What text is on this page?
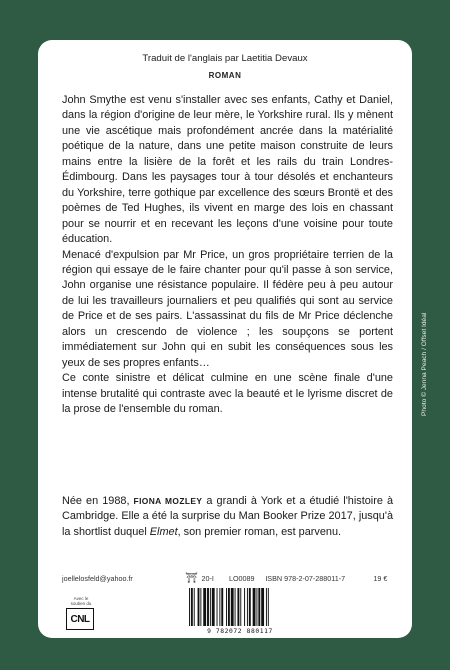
Traduit de l'anglais par Laetitia Devaux
ROMAN

John Smythe est venu s'installer avec ses enfants, Cathy et Daniel, dans la région d'origine de leur mère, le Yorkshire rural. Ils y mènent une vie ascétique mais profondément ancrée dans la matérialité poétique de la nature, dans une petite maison construite de leurs mains entre la lisière de la forêt et les rails du train Londres-Édimbourg. Dans les paysages tour à tour désolés et enchanteurs du Yorkshire, terre gothique par excellence des sœurs Brontë et des poèmes de Ted Hughes, ils vivent en marge des lois en chassant pour se nourrir et en recevant les leçons d'une voisine pour toute éducation.

Menacé d'expulsion par Mr Price, un gros propriétaire terrien de la région qui essaye de le faire chanter pour qu'il passe à son service, John organise une résistance populaire. Il fédère peu à peu autour de lui les travailleurs journaliers et peu qualifiés qui sont au service de Price et de ses pairs. L'assassinat du fils de Mr Price déclenche alors un crescendo de violence ; les soupçons se portent immédiatement sur John qui en subit les conséquences sous les yeux de ses propres enfants…

Ce conte sinistre et délicat culmine en une scène finale d'une intense brutalité qui contraste avec la beauté et le lyrisme discret de la prose de l'ensemble du roman.

Née en 1988, FIONA MOZLEY a grandi à York et a étudié l'histoire à Cambridge. Elle a été la surprise du Man Booker Prize 2017, jusqu'à la shortlist duquel Elmet, son premier roman, est parvenu.
joellelosfeld@yahoo.fr	⛩ 20-I	LO0089	ISBN 978-2-07-288011-7	19 €
Avec le soutien du
CNL
9 782072 880117
Photo © Jenna Peach / Offset Idéal
